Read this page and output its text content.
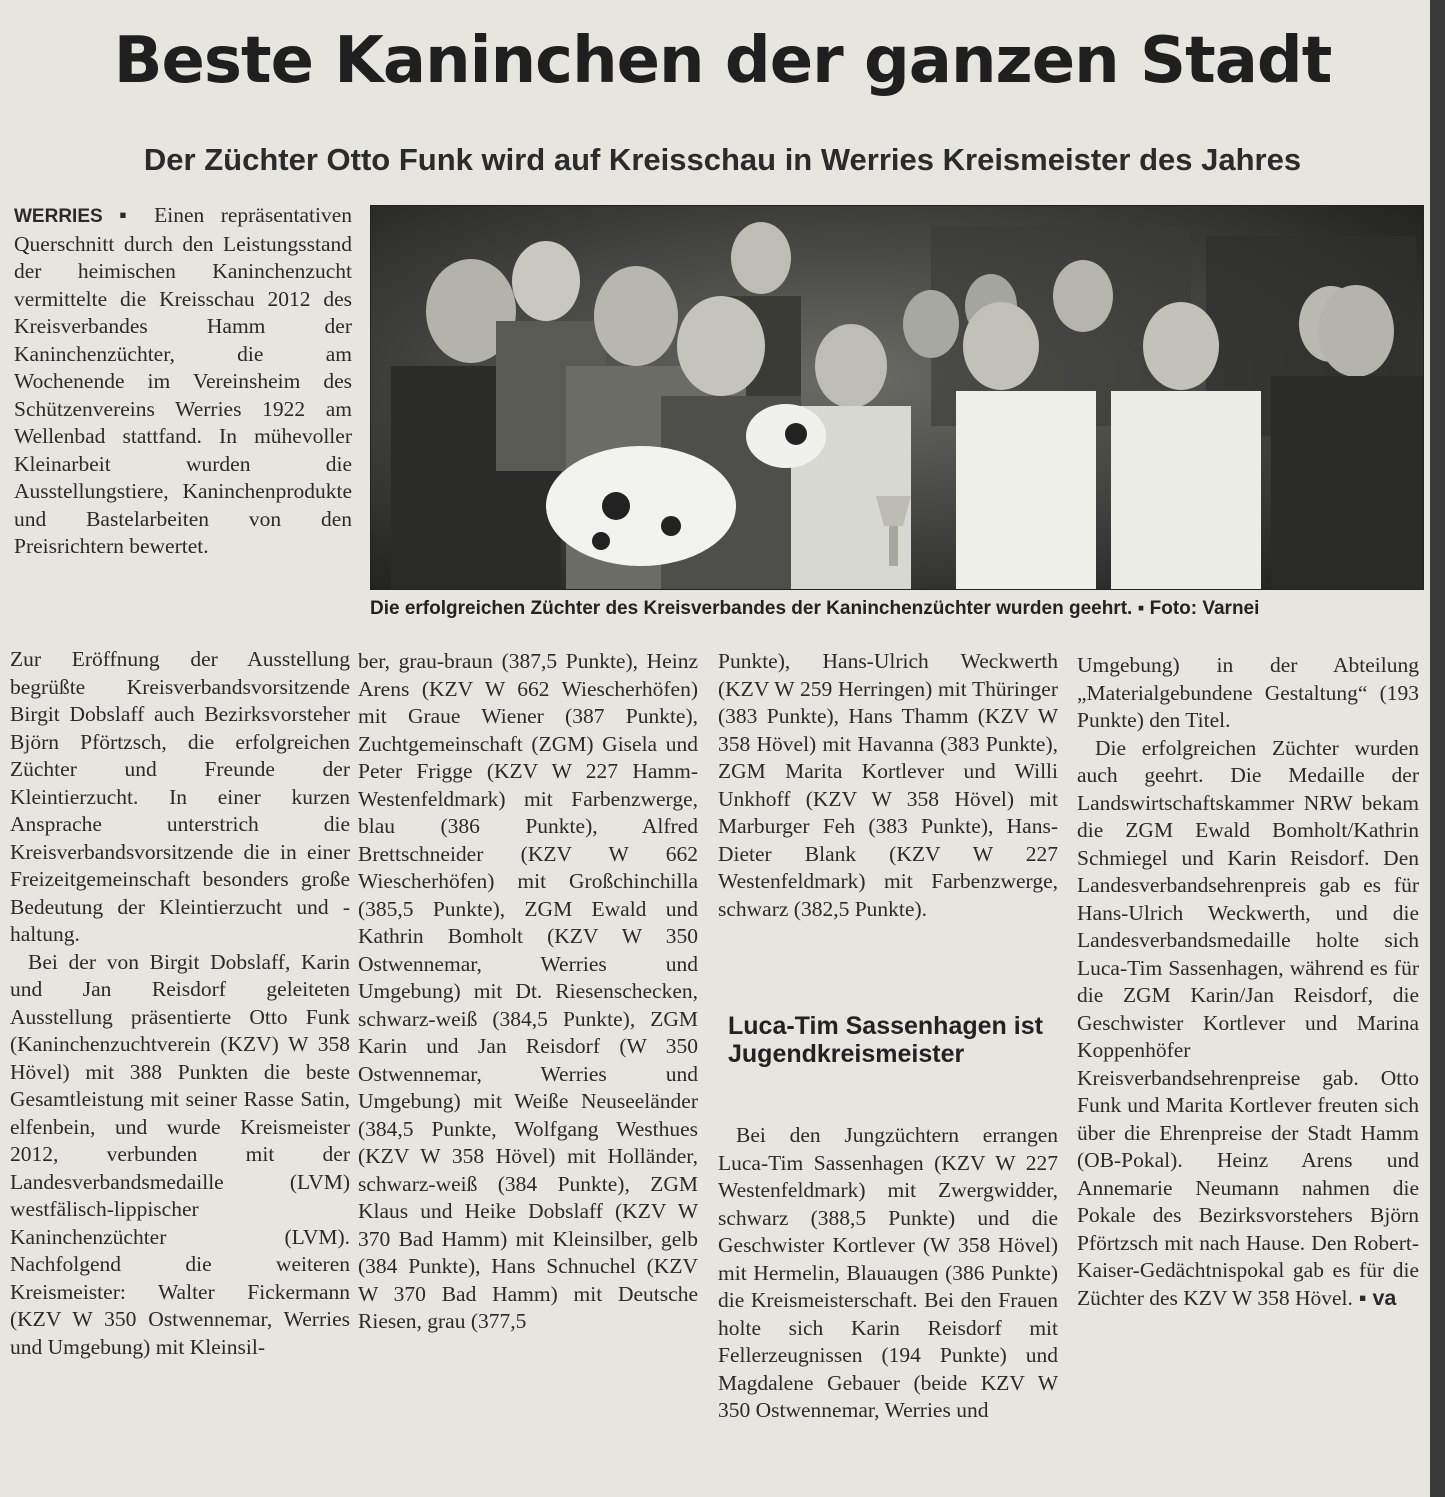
Beste Kaninchen der ganzen Stadt
Der Züchter Otto Funk wird auf Kreisschau in Werries Kreismeister des Jahres

WERRIES ▪ Einen repräsentativen Querschnitt durch den Leistungsstand der heimischen Kaninchenzucht vermittelte die Kreisschau 2012 des Kreisverbandes Hamm der Kaninchenzüchter, die am Wochenende im Vereinsheim des Schützenvereins Werries 1922 am Wellenbad stattfand. In mühevoller Kleinarbeit wurden die Ausstellungstiere, Kaninchenprodukte und Bastelarbeiten von den Preisrichtern bewertet.

Die erfolgreichen Züchter des Kreisverbandes der Kaninchenzüchter wurden geehrt. ▪ Foto: Varnei

Zur Eröffnung der Ausstellung begrüßte Kreisverbandsvorsitzende Birgit Dobslaff auch Bezirksvorsteher Björn Pförtzsch, die erfolgreichen Züchter und Freunde der Kleintierzucht. In einer kurzen Ansprache unterstrich die Kreisverbandsvorsitzende die in einer Freizeitgemeinschaft besonders große Bedeutung der Kleintierzucht und -haltung.

Bei der von Birgit Dobslaff, Karin und Jan Reisdorf geleiteten Ausstellung präsentierte Otto Funk (Kaninchenzuchtverein (KZV) W 358 Hövel) mit 388 Punkten die beste Gesamtleistung mit seiner Rasse Satin, elfenbein, und wurde Kreismeister 2012, verbunden mit der Landesverbandsmedaille (LVM) westfälisch-lippischer Kaninchenzüchter (LVM). Nachfolgend die weiteren Kreismeister: Walter Fickermann (KZV W 350 Ostwennemar, Werries und Umgebung) mit Kleinsil-

ber, grau-braun (387,5 Punkte), Heinz Arens (KZV W 662 Wiescherhöfen) mit Graue Wiener (387 Punkte), Zuchtgemeinschaft (ZGM) Gisela und Peter Frigge (KZV W 227 Hamm-Westenfeldmark) mit Farbenzwerge, blau (386 Punkte), Alfred Brettschneider (KZV W 662 Wiescherhöfen) mit Großchinchilla (385,5 Punkte), ZGM Ewald und Kathrin Bomholt (KZV W 350 Ostwennemar, Werries und Umgebung) mit Dt. Riesenschecken, schwarz-weiß (384,5 Punkte), ZGM Karin und Jan Reisdorf (W 350 Ostwennemar, Werries und Umgebung) mit Weiße Neuseeländer (384,5 Punkte, Wolfgang Westhues (KZV W 358 Hövel) mit Holländer, schwarz-weiß (384 Punkte), ZGM Klaus und Heike Dobslaff (KZV W 370 Bad Hamm) mit Kleinsilber, gelb (384 Punkte), Hans Schnuchel (KZV W 370 Bad Hamm) mit Deutsche Riesen, grau (377,5

Punkte), Hans-Ulrich Weckwerth (KZV W 259 Herringen) mit Thüringer (383 Punkte), Hans Thamm (KZV W 358 Hövel) mit Havanna (383 Punkte), ZGM Marita Kortlever und Willi Unkhoff (KZV W 358 Hövel) mit Marburger Feh (383 Punkte), Hans-Dieter Blank (KZV W 227 Westenfeldmark) mit Farbenzwerge, schwarz (382,5 Punkte).

Luca-Tim Sassenhagen ist Jugendkreismeister

Bei den Jungzüchtern errangen Luca-Tim Sassenhagen (KZV W 227 Westenfeldmark) mit Zwergwidder, schwarz (388,5 Punkte) und die Geschwister Kortlever (W 358 Hövel) mit Hermelin, Blauaugen (386 Punkte) die Kreismeisterschaft. Bei den Frauen holte sich Karin Reisdorf mit Fellerzeugnissen (194 Punkte) und Magdalene Gebauer (beide KZV W 350 Ostwennemar, Werries und

Umgebung) in der Abteilung „Materialgebundene Gestaltung“ (193 Punkte) den Titel.

Die erfolgreichen Züchter wurden auch geehrt. Die Medaille der Landswirtschaftskammer NRW bekam die ZGM Ewald Bomholt/Kathrin Schmiegel und Karin Reisdorf. Den Landesverbandsehrenpreis gab es für Hans-Ulrich Weckwerth, und die Landesverbandsmedaille holte sich Luca-Tim Sassenhagen, während es für die ZGM Karin/Jan Reisdorf, die Geschwister Kortlever und Marina Koppenhöfer Kreisverbandsehrenpreise gab. Otto Funk und Marita Kortlever freuten sich über die Ehrenpreise der Stadt Hamm (OB-Pokal). Heinz Arens und Annemarie Neumann nahmen die Pokale des Bezirksvorstehers Björn Pförtzsch mit nach Hause. Den Robert-Kaiser-Gedächtnispokal gab es für die Züchter des KZV W 358 Hövel. ▪ va
